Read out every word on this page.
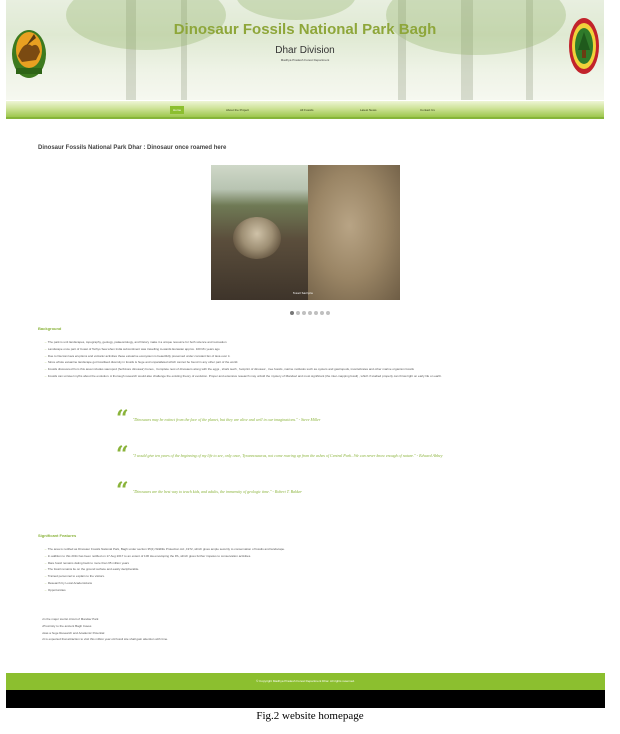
Dinosaur Fossils National Park Bagh
Dhar Division
Madhya Pradesh Forest Department
Home	About the Project	All Fossils	Latest News	Contact Us
Dinosaur Fossils National Park Dhar : Dinosaur once roamed here
fossil Sample
Background
→ The park is unit landscapes, topography, geology, palaeontology, and history make it a unique resource for both science and recreation
→ Landscape once part of Coast of Tethys Sea when India subcontinent was travelling to-wards Eurasian approx. 100 Mn years ago
→ Due to Deccan lava eruptions and volcanic activities these estuarine ecosystem is beautifully preserved under constant fan of lava over it.
→ Since whole estuarine landscape got fossilised diversity in fossils is huge and unparalleled which cannot be found in any other part of the world.
→ Fossils discovered from this area includes sauropod (herbivore dinosaur) bones , Complete nest of dinosaurs along with the eggs , shark teeth , footprint of dinosaur , tree fossils ,marine mollusks such as oysters and gastropods, invertebrates and other marine organism fossils
→ Fossils can unravel myths about the evolution. A thorough research would also challenge the existing theory of evolution. Proper and extensive research may unfold the mystery of Mandavi and most significant (the inter-mapping fossil) , which if studied properly can throw light on early life on earth.
“ "Dinosaurs may be extinct from the face of the planet, but they are alive and well in our imaginations." - Steve Miller
“ "I would give ten years of the beginning of my life to see, only once, Tyrannosaurus, not come roaring up from the ashes of Central Park...We can never know enough of nature." - Edward Abbey
“ "Dinosaurs are the best way to teach kids, and adults, the immensity of geologic time." - Robert T. Bakker
Significant Features
→ The area is notified as Dinosaur Fossils National Park, Bagh under section 35(1) Wildlife Protection Act ,1972, which gives ample security to conservation of fossils and landscape.
→ In addition to this 2011 has been notified on 17 Aug 2017 to an extent of 106 Ha enveloping the PA, which gives further impetus to conservation activities.
→ Rare fossil remains dating back to more than 65 million years
→ The fossil remains lie on the ground surface and easily decipherable.
→ Trained personnel to explain to the visitors.
→ Research by Local Academicians
→ Opportunities
• In the major tourist circuit of Mandav Park
• Proximity to the ancient Bagh Caves
• Has a huge Research and Academic Potential
• It is expected that attraction to visit this million year old fossil site shall gain attention with time.
© Copyright Madhya Pradesh Forest Department Dhar. All rights reserved.
Fig.2 website homepage
